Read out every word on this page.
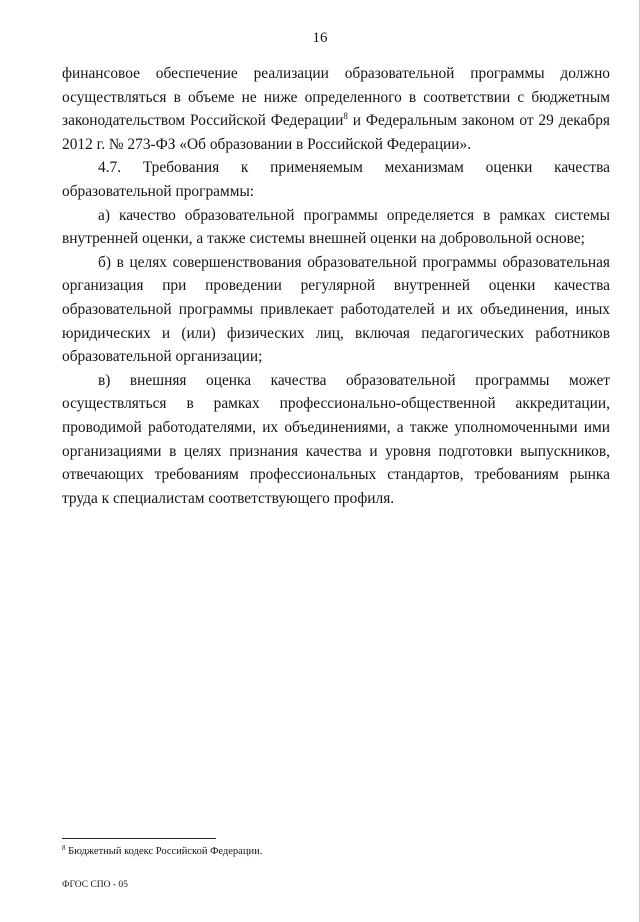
16

финансовое обеспечение реализации образовательной программы должно осуществляться в объеме не ниже определенного в соответствии с бюджетным законодательством Российской Федерации$^8$ и Федеральным законом от 29 декабря 2012 г. № 273-ФЗ «Об образовании в Российской Федерации».

4.7. Требования к применяемым механизмам оценки качества образовательной программы:

а) качество образовательной программы определяется в рамках системы внутренней оценки, а также системы внешней оценки на добровольной основе;

б) в целях совершенствования образовательной программы образовательная организация при проведении регулярной внутренней оценки качества образовательной программы привлекает работодателей и их объединения, иных юридических и (или) физических лиц, включая педагогических работников образовательной организации;

в) внешняя оценка качества образовательной программы может осуществляться в рамках профессионально-общественной аккредитации, проводимой работодателями, их объединениями, а также уполномоченными ими организациями в целях признания качества и уровня подготовки выпускников, отвечающих требованиям профессиональных стандартов, требованиям рынка труда к специалистам соответствующего профиля.

$^8$ Бюджетный кодекс Российской Федерации.
ФГОС СПО - 05
